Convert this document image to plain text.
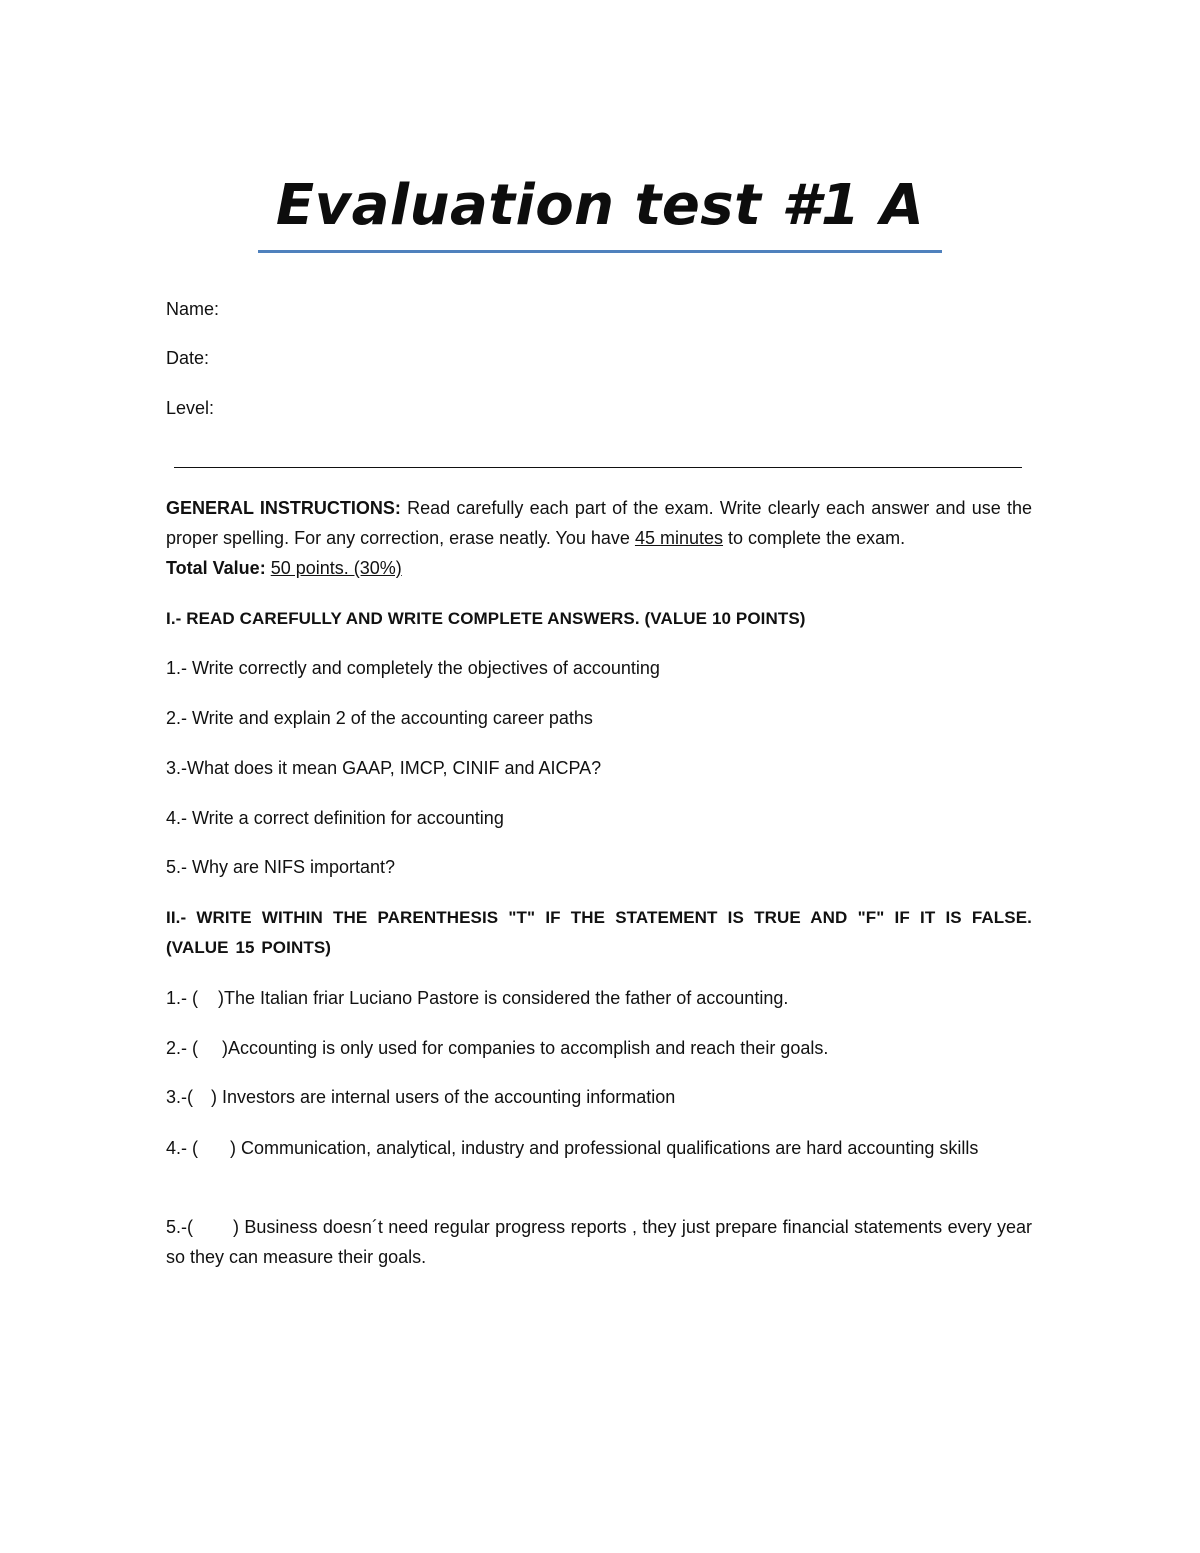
Evaluation test #1 A
Name:
Date:
Level:
GENERAL INSTRUCTIONS: Read carefully each part of the exam. Write clearly each answer and use the proper spelling. For any correction, erase neatly. You have 45 minutes to complete the exam.
Total Value: 50 points. (30%)
I.- READ CAREFULLY AND WRITE COMPLETE ANSWERS. (VALUE 10 POINTS)
1.- Write correctly and completely the objectives of accounting
2.- Write and explain 2 of the accounting career paths
3.-What does it mean GAAP, IMCP, CINIF and AICPA?
4.- Write a correct definition for accounting
5.- Why are NIFS important?
II.- WRITE WITHIN THE PARENTHESIS "T" IF THE STATEMENT IS TRUE AND "F" IF IT IS FALSE. (VALUE 15 POINTS)
1.- ( )The Italian friar Luciano Pastore is considered the father of accounting.
2.- ( )Accounting is only used for companies to accomplish and reach their goals.
3.-( ) Investors are internal users of the accounting information
4.- ( ) Communication, analytical, industry and professional qualifications are hard accounting skills
5.-( ) Business doesn´t need regular progress reports , they just prepare financial statements every year so they can measure their goals.
